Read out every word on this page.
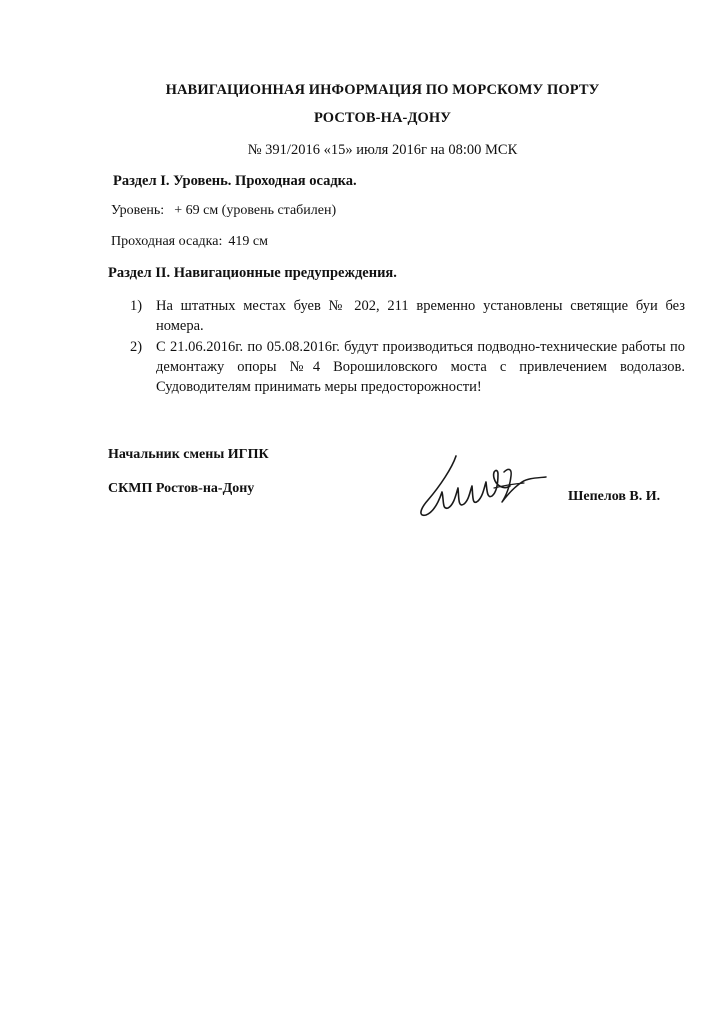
НАВИГАЦИОННАЯ ИНФОРМАЦИЯ ПО МОРСКОМУ ПОРТУ
РОСТОВ-НА-ДОНУ
№ 391/2016 «15» июля 2016г на 08:00 МСК
Раздел I. Уровень. Проходная осадка.
Уровень: + 69 см (уровень стабилен)
Проходная осадка: 419 см
Раздел II. Навигационные предупреждения.
1) На штатных местах буев № 202, 211 временно установлены светящие буи без номера.
2) С 21.06.2016г. по 05.08.2016г. будут производиться подводно-технические работы по демонтажу опоры №4 Ворошиловского моста с привлечением водолазов. Судоводителям принимать меры предосторожности!
Начальник смены ИГПК
СКМП Ростов-на-Дону
Шепелов В. И.
